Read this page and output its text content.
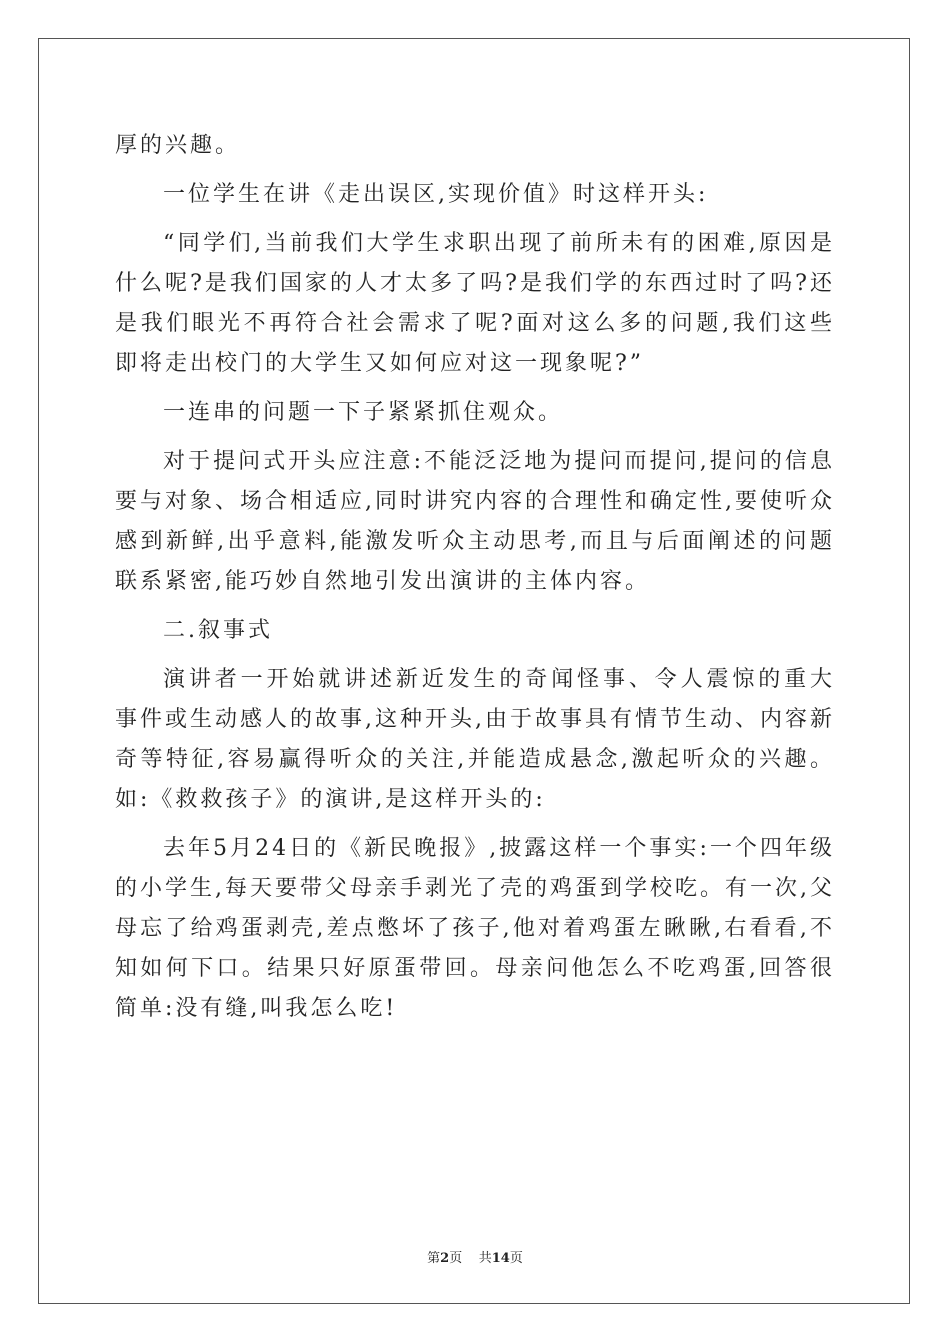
厚的兴趣。

一位学生在讲《走出误区,实现价值》时这样开头:

“同学们,当前我们大学生求职出现了前所未有的困难,原因是什么呢?是我们国家的人才太多了吗?是我们学的东西过时了吗?还是我们眼光不再符合社会需求了呢?面对这么多的问题,我们这些即将走出校门的大学生又如何应对这一现象呢?”

一连串的问题一下子紧紧抓住观众。

对于提问式开头应注意:不能泛泛地为提问而提问,提问的信息要与对象、场合相适应,同时讲究内容的合理性和确定性,要使听众感到新鲜,出乎意料,能激发听众主动思考,而且与后面阐述的问题联系紧密,能巧妙自然地引发出演讲的主体内容。

二.叙事式

演讲者一开始就讲述新近发生的奇闻怪事、令人震惊的重大事件或生动感人的故事,这种开头,由于故事具有情节生动、内容新奇等特征,容易赢得听众的关注,并能造成悬念,激起听众的兴趣。如:《救救孩子》的演讲,是这样开头的:

去年5月24日的《新民晚报》,披露这样一个事实:一个四年级的小学生,每天要带父母亲手剥光了壳的鸡蛋到学校吃。有一次,父母忘了给鸡蛋剥壳,差点憋坏了孩子,他对着鸡蛋左瞅瞅,右看看,不知如何下口。结果只好原蛋带回。母亲问他怎么不吃鸡蛋,回答很简单:没有缝,叫我怎么吃!

第2页 共14页
